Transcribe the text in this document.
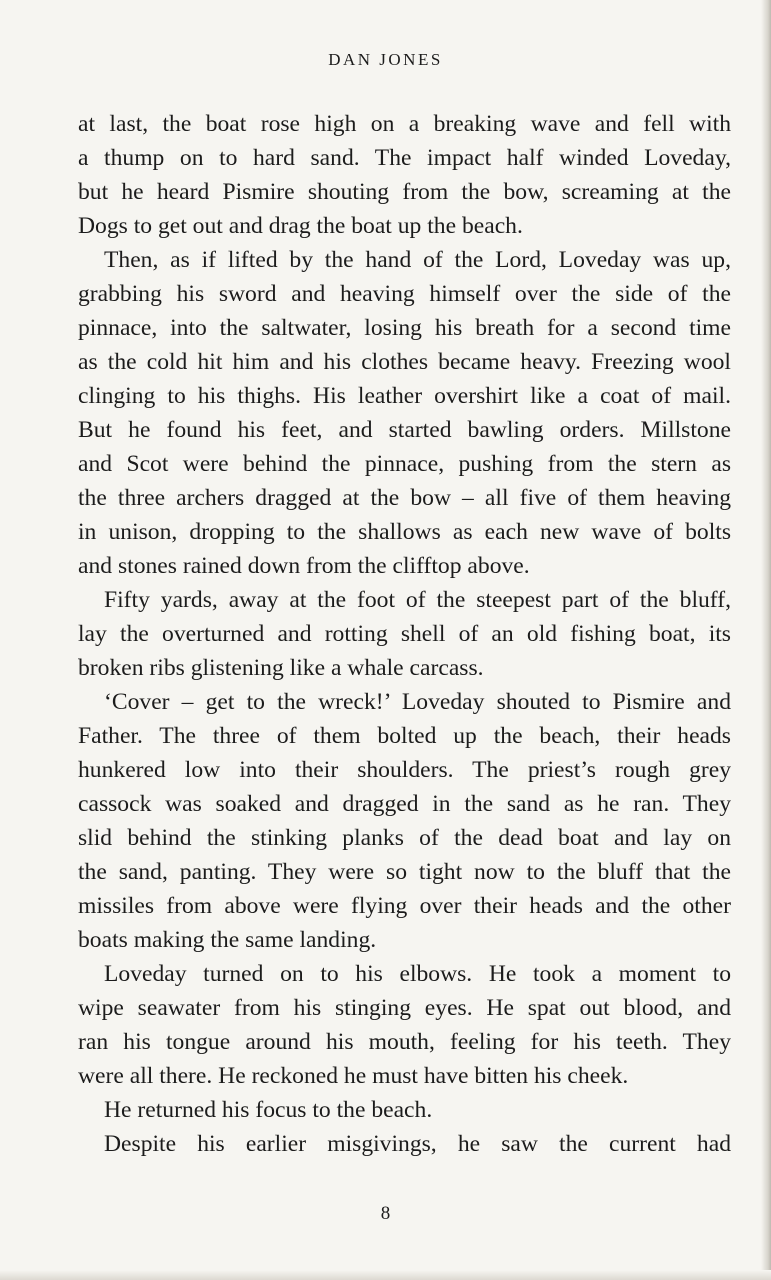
DAN JONES
at last, the boat rose high on a breaking wave and fell with
a thump on to hard sand. The impact half winded Loveday,
but he heard Pismire shouting from the bow, screaming at the
Dogs to get out and drag the boat up the beach.
Then, as if lifted by the hand of the Lord, Loveday was up,
grabbing his sword and heaving himself over the side of the
pinnace, into the saltwater, losing his breath for a second time
as the cold hit him and his clothes became heavy. Freezing wool
clinging to his thighs. His leather overshirt like a coat of mail.
But he found his feet, and started bawling orders. Millstone
and Scot were behind the pinnace, pushing from the stern as
the three archers dragged at the bow – all five of them heaving
in unison, dropping to the shallows as each new wave of bolts
and stones rained down from the clifftop above.
Fifty yards, away at the foot of the steepest part of the bluff,
lay the overturned and rotting shell of an old fishing boat, its
broken ribs glistening like a whale carcass.
‘Cover – get to the wreck!’ Loveday shouted to Pismire and
Father. The three of them bolted up the beach, their heads
hunkered low into their shoulders. The priest’s rough grey
cassock was soaked and dragged in the sand as he ran. They
slid behind the stinking planks of the dead boat and lay on
the sand, panting. They were so tight now to the bluff that the
missiles from above were flying over their heads and the other
boats making the same landing.
Loveday turned on to his elbows. He took a moment to
wipe seawater from his stinging eyes. He spat out blood, and
ran his tongue around his mouth, feeling for his teeth. They
were all there. He reckoned he must have bitten his cheek.
He returned his focus to the beach.
Despite his earlier misgivings, he saw the current had
8
